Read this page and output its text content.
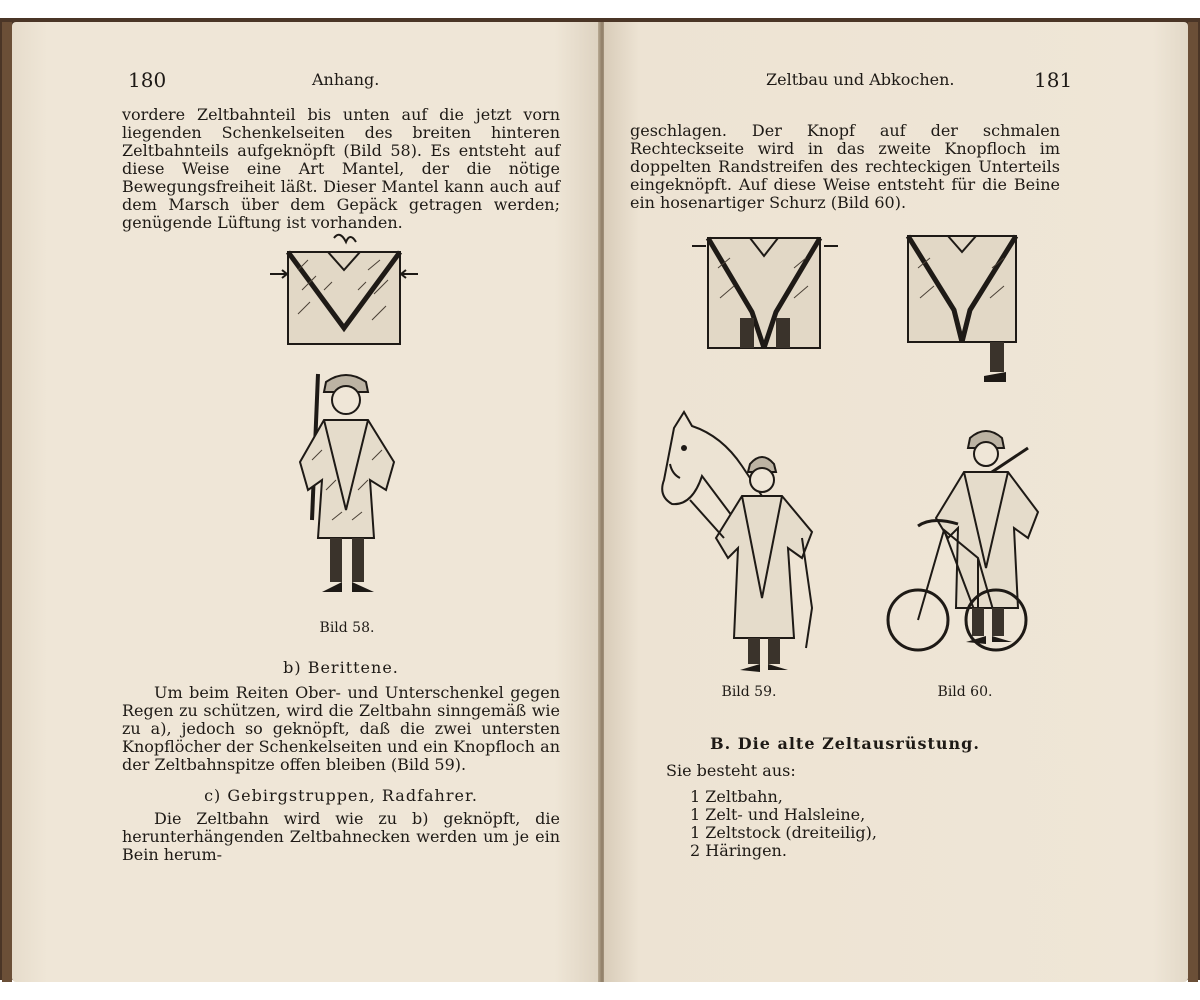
180	Anhang.

vordere Zeltbahnteil bis unten auf die jetzt vorn liegenden Schenkelseiten des breiten hinteren Zeltbahnteils aufgeknöpft (Bild 58). Es entsteht auf diese Weise eine Art Mantel, der die nötige Bewegungsfreiheit läßt. Dieser Mantel kann auch auf dem Marsch über dem Gepäck getragen werden; genügende Lüftung ist vorhanden.

Bild 58.
b) Berittene.

Um beim Reiten Ober- und Unterschenkel gegen Regen zu schützen, wird die Zeltbahn sinngemäß wie zu a), jedoch so geknöpft, daß die zwei untersten Knopflöcher der Schenkelseiten und ein Knopfloch an der Zeltbahnspitze offen bleiben (Bild 59).

c) Gebirgstruppen, Radfahrer.

Die Zeltbahn wird wie zu b) geknöpft, die herunterhängenden Zeltbahnecken werden um je ein Bein herum-

Zeltbau und Abkochen.	181

geschlagen. Der Knopf auf der schmalen Rechteckseite wird in das zweite Knopfloch im doppelten Randstreifen des rechteckigen Unterteils eingeknöpft. Auf diese Weise entsteht für die Beine ein hosenartiger Schurz (Bild 60).

Bild 59.	Bild 60.
B. Die alte Zeltausrüstung.

Sie besteht aus:

1 Zeltbahn,
1 Zelt- und Halsleine,
1 Zeltstock (dreiteilig),
2 Häringen.
